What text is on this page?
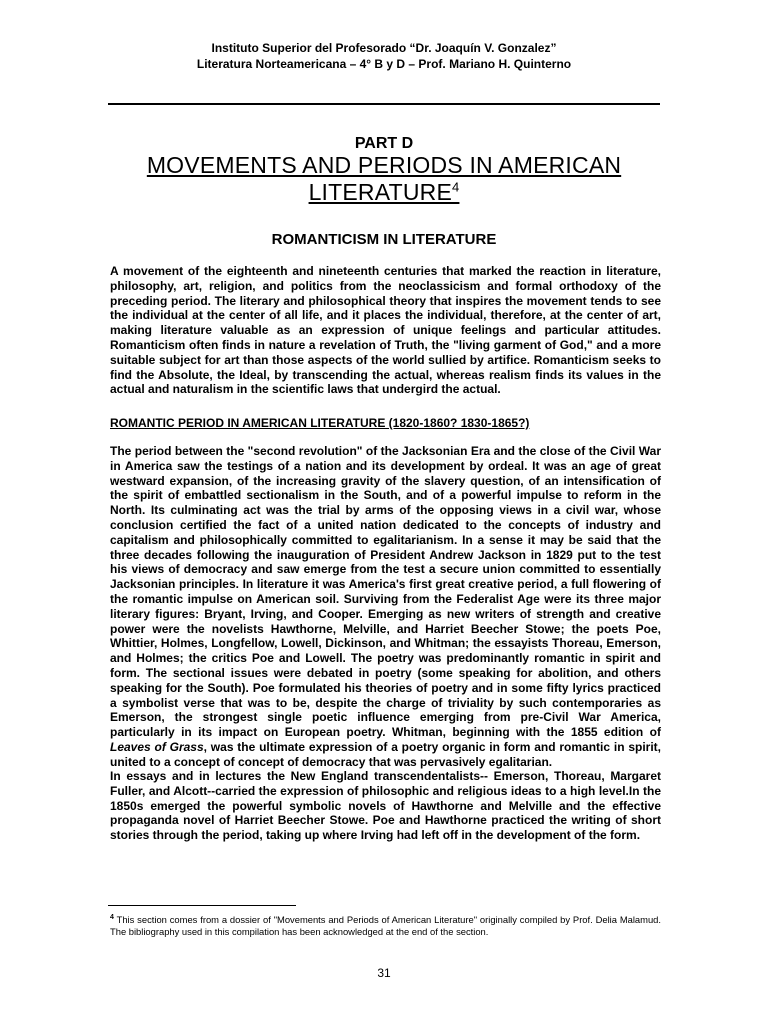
Instituto Superior del Profesorado “Dr. Joaquín V. Gonzalez”
Literatura Norteamericana – 4° B y D – Prof. Mariano H. Quinterno
PART D
MOVEMENTS AND PERIODS IN AMERICAN
LITERATURE$^4$
ROMANTICISM IN LITERATURE

A movement of the eighteenth and nineteenth centuries that marked the reaction in literature, philosophy, art, religion, and politics from the neoclassicism and formal orthodoxy of the preceding period. The literary and philosophical theory that inspires the movement tends to see the individual at the center of all life, and it places the individual, therefore, at the center of art, making literature valuable as an expression of unique feelings and particular attitudes. Romanticism often finds in nature a revelation of Truth, the "living garment of God," and a more suitable subject for art than those aspects of the world sullied by artifice. Romanticism seeks to find the Absolute, the Ideal, by transcending the actual, whereas realism finds its values in the actual and naturalism in the scientific laws that undergird the actual.

ROMANTIC PERIOD IN AMERICAN LITERATURE (1820-1860? 1830-1865?)

The period between the "second revolution" of the Jacksonian Era and the close of the Civil War in America saw the testings of a nation and its development by ordeal. It was an age of great westward expansion, of the increasing gravity of the slavery question, of an intensification of the spirit of embattled sectionalism in the South, and of a powerful impulse to reform in the North. Its culminating act was the trial by arms of the opposing views in a civil war, whose conclusion certified the fact of a united nation dedicated to the concepts of industry and capitalism and philosophically committed to egalitarianism. In a sense it may be said that the three decades following the inauguration of President Andrew Jackson in 1829 put to the test his views of democracy and saw emerge from the test a secure union committed to essentially Jacksonian principles. In literature it was America's first great creative period, a full flowering of the romantic impulse on American soil. Surviving from the Federalist Age were its three major literary figures: Bryant, Irving, and Cooper. Emerging as new writers of strength and creative power were the novelists Hawthorne, Melville, and Harriet Beecher Stowe; the poets Poe, Whittier, Holmes, Longfellow, Lowell, Dickinson, and Whitman; the essayists Thoreau, Emerson, and Holmes; the critics Poe and Lowell. The poetry was predominantly romantic in spirit and form. The sectional issues were debated in poetry (some speaking for abolition, and others speaking for the South). Poe formulated his theories of poetry and in some fifty lyrics practiced a symbolist verse that was to be, despite the charge of triviality by such contemporaries as Emerson, the strongest single poetic influence emerging from pre-Civil War America, particularly in its impact on European poetry. Whitman, beginning with the 1855 edition of Leaves of Grass, was the ultimate expression of a poetry organic in form and romantic in spirit, united to a concept of concept of democracy that was pervasively egalitarian.

In essays and in lectures the New England transcendentalists-- Emerson, Thoreau, Margaret Fuller, and Alcott--carried the expression of philosophic and religious ideas to a high level.In the 1850s emerged the powerful symbolic novels of Hawthorne and Melville and the effective propaganda novel of Harriet Beecher Stowe. Poe and Hawthorne practiced the writing of short stories through the period, taking up where Irving had left off in the development of the form.

$^4$ This section comes from a dossier of "Movements and Periods of American Literature" originally compiled by Prof. Delia Malamud. The bibliography used in this compilation has been acknowledged at the end of the section.

31
